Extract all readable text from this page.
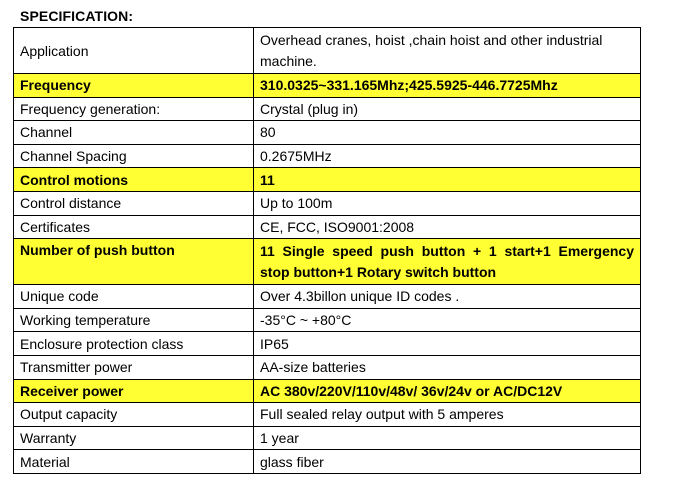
SPECIFICATION:
Application	Overhead cranes, hoist ,chain hoist and other industrial machine.
Frequency	310.0325~331.165Mhz;425.5925-446.7725Mhz
Frequency generation:	Crystal (plug in)
Channel	80
Channel Spacing	0.2675MHz
Control motions	11
Control distance	Up to 100m
Certificates	CE, FCC, ISO9001:2008
Number of push button	11 Single speed push button + 1 start+1 Emergency stop button+1 Rotary switch button
Unique code	Over 4.3billon unique ID codes .
Working temperature	-35°C ~ +80°C
Enclosure protection class	IP65
Transmitter power	AA-size batteries
Receiver power	AC 380v/220V/110v/48v/ 36v/24v or AC/DC12V
Output capacity	Full sealed relay output with 5 amperes
Warranty	1 year
Material	glass fiber
